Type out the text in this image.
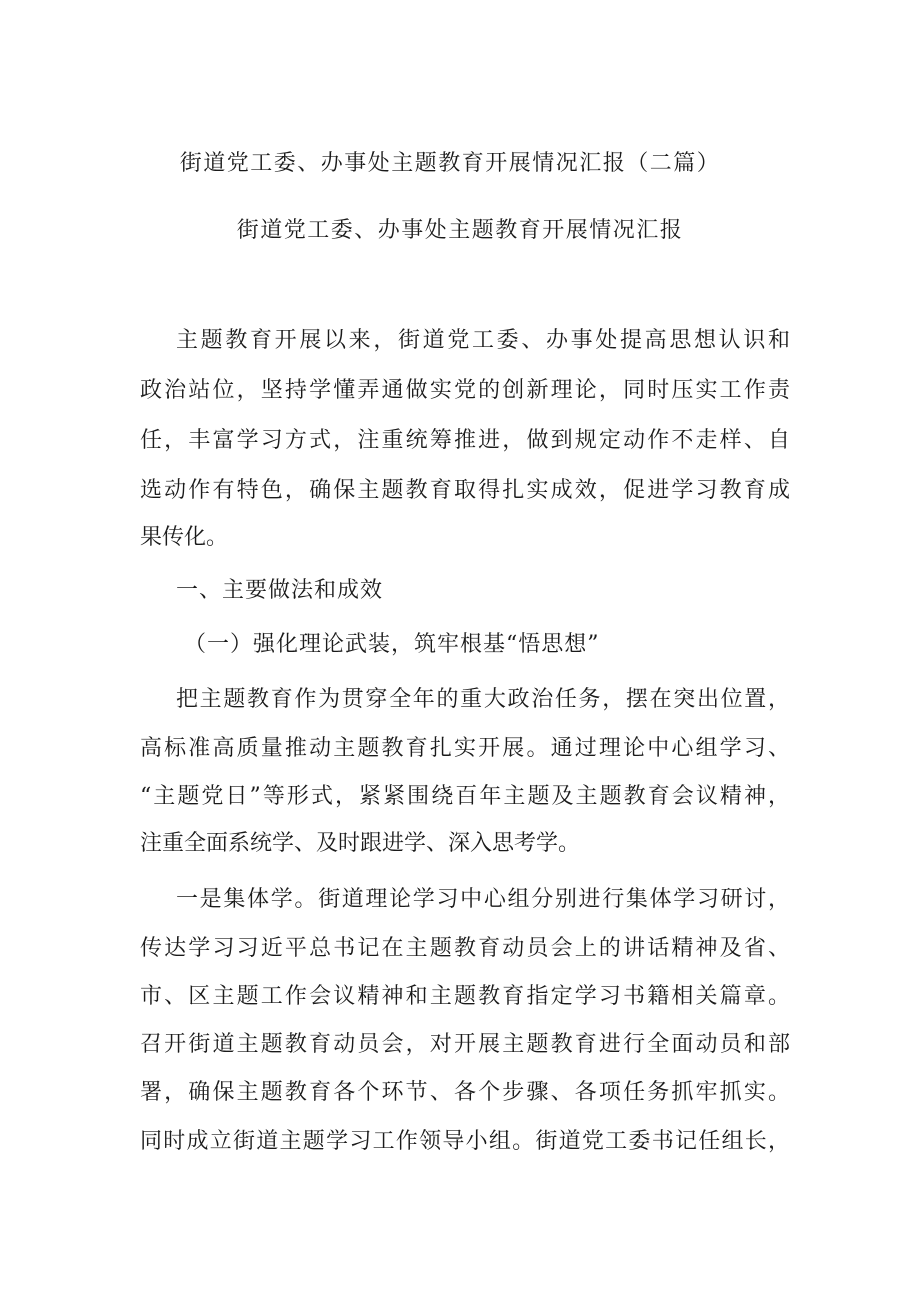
街道党工委、办事处主题教育开展情况汇报（二篇）
街道党工委、办事处主题教育开展情况汇报

主题教育开展以来，街道党工委、办事处提高思想认识和

政治站位，坚持学懂弄通做实党的创新理论，同时压实工作责

任，丰富学习方式，注重统筹推进，做到规定动作不走样、自

选动作有特色，确保主题教育取得扎实成效，促进学习教育成

果传化。

一、主要做法和成效

（一）强化理论武装，筑牢根基“悟思想”

把主题教育作为贯穿全年的重大政治任务，摆在突出位置，

高标准高质量推动主题教育扎实开展。通过理论中心组学习、

“主题党日”等形式，紧紧围绕百年主题及主题教育会议精神，

注重全面系统学、及时跟进学、深入思考学。

一是集体学。街道理论学习中心组分别进行集体学习研讨，

传达学习习近平总书记在主题教育动员会上的讲话精神及省、

市、区主题工作会议精神和主题教育指定学习书籍相关篇章。

召开街道主题教育动员会，对开展主题教育进行全面动员和部

署，确保主题教育各个环节、各个步骤、各项任务抓牢抓实。

同时成立街道主题学习工作领导小组。街道党工委书记任组长，
